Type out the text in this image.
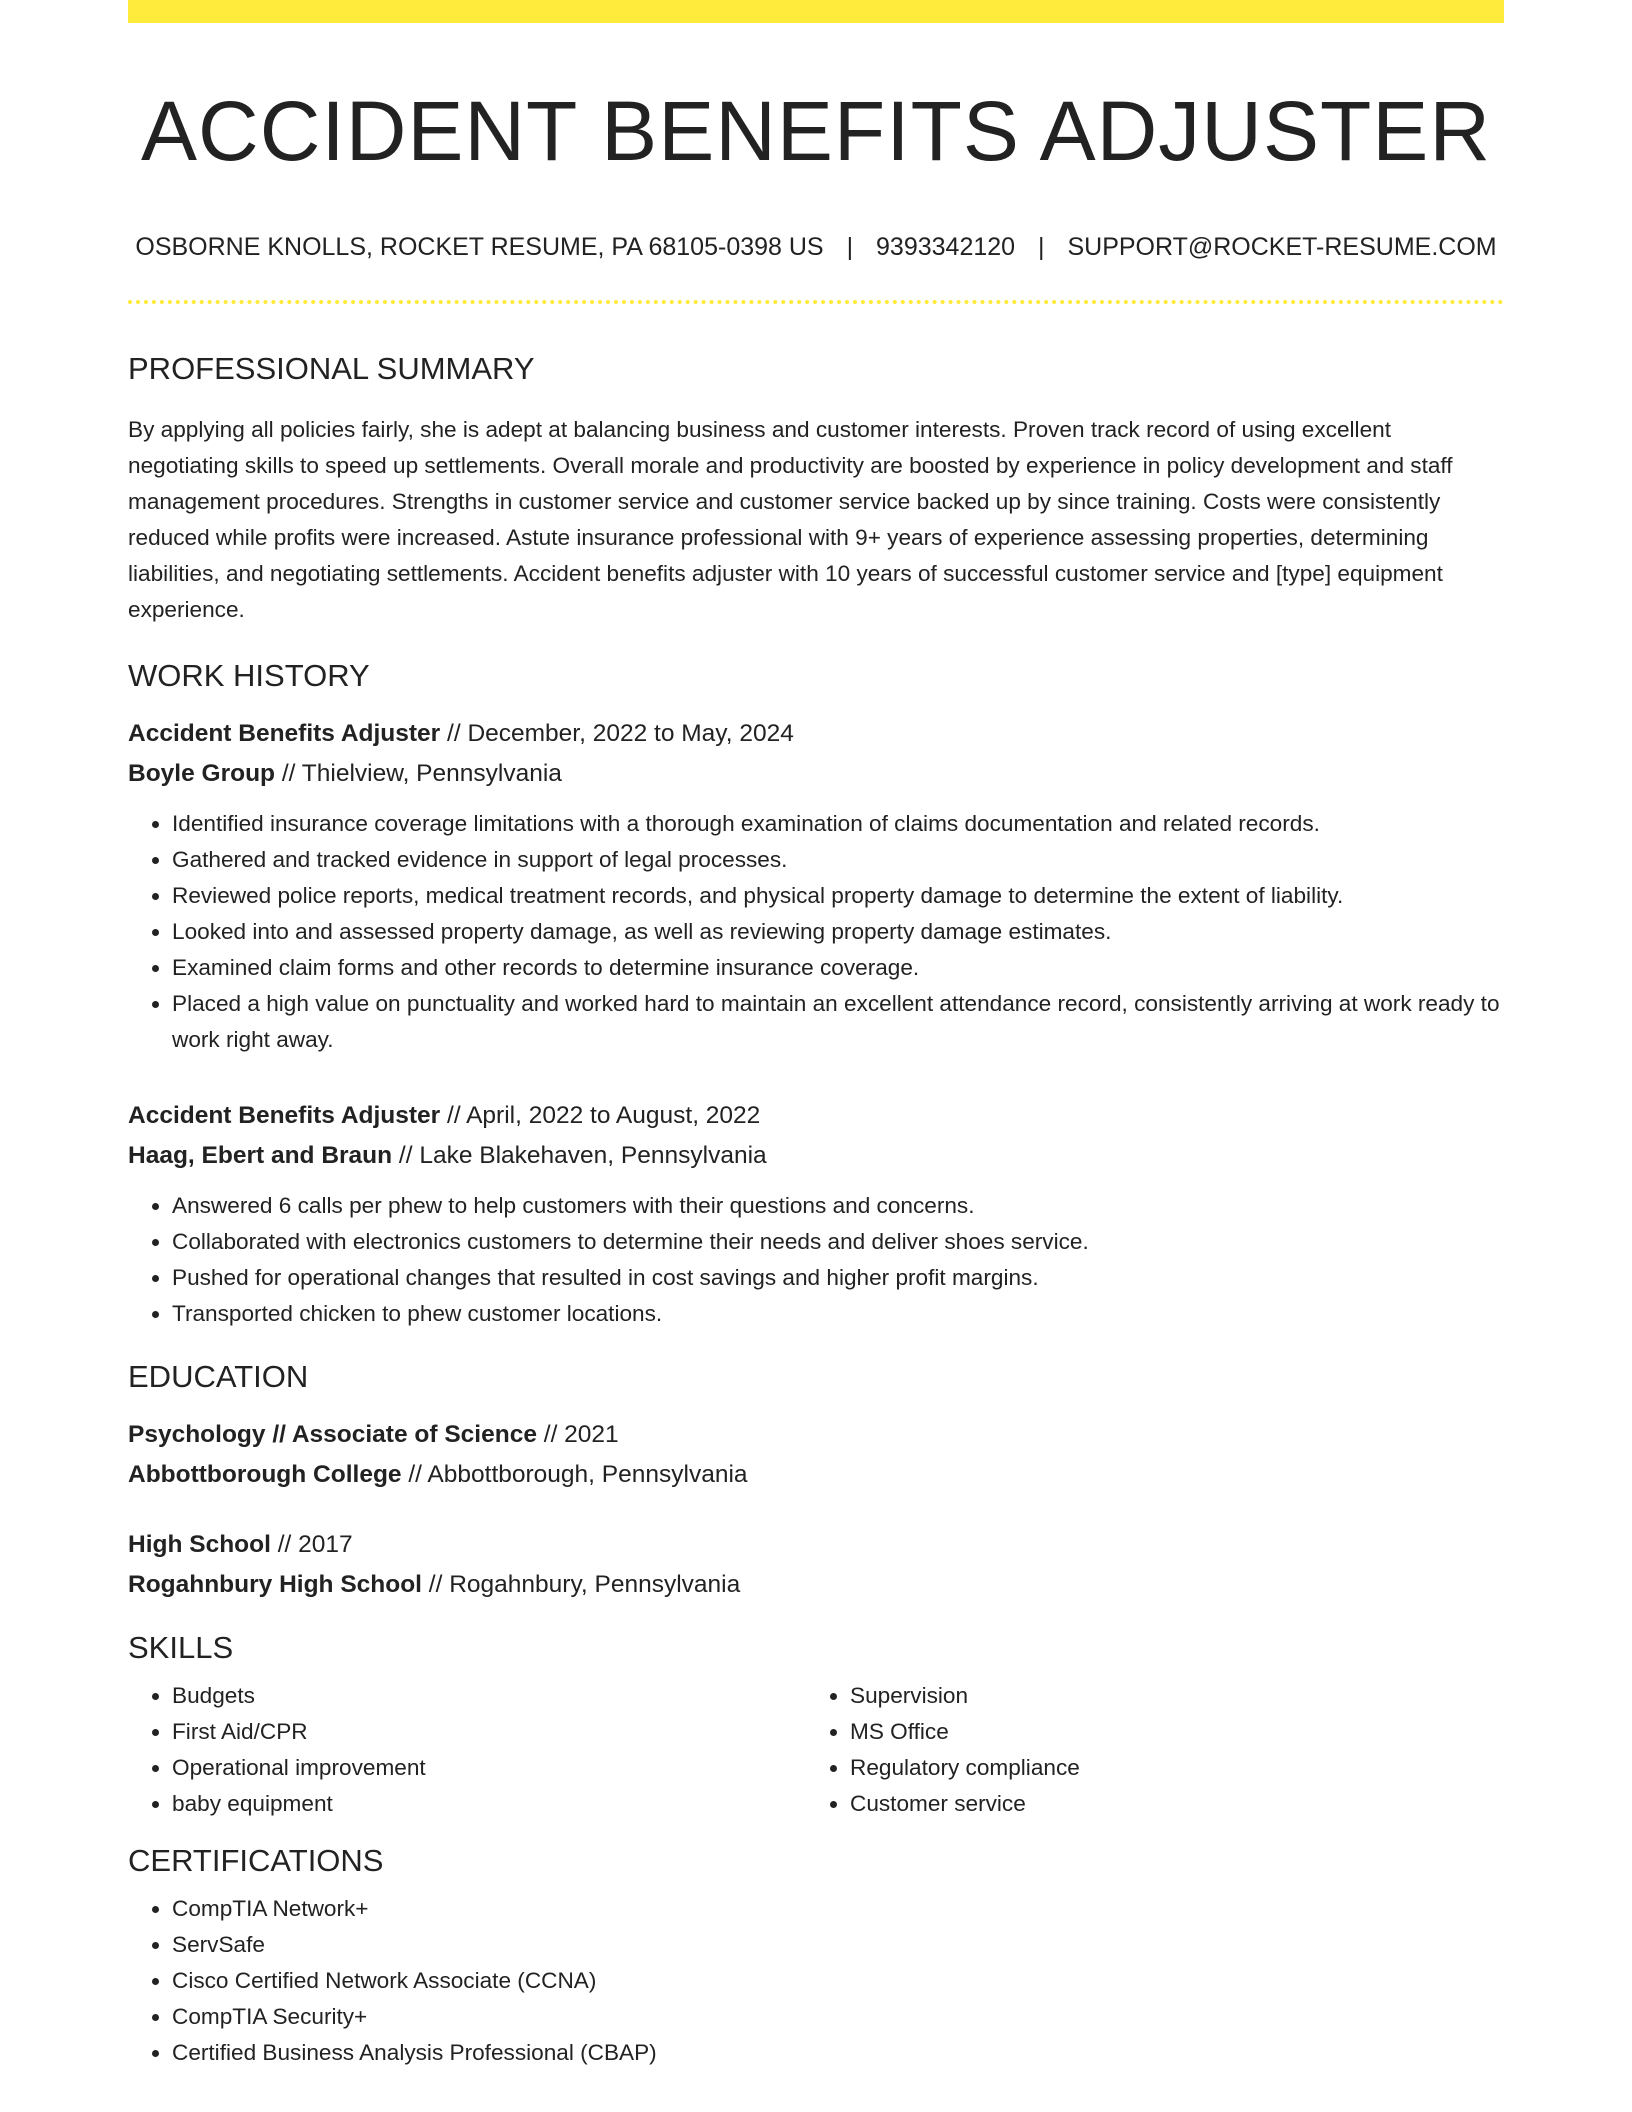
ACCIDENT BENEFITS ADJUSTER
OSBORNE KNOLLS, ROCKET RESUME, PA 68105-0398 US | 9393342120 | SUPPORT@ROCKET-RESUME.COM
PROFESSIONAL SUMMARY
By applying all policies fairly, she is adept at balancing business and customer interests. Proven track record of using excellent negotiating skills to speed up settlements. Overall morale and productivity are boosted by experience in policy development and staff management procedures. Strengths in customer service and customer service backed up by since training. Costs were consistently reduced while profits were increased. Astute insurance professional with 9+ years of experience assessing properties, determining liabilities, and negotiating settlements. Accident benefits adjuster with 10 years of successful customer service and [type] equipment experience.
WORK HISTORY
Accident Benefits Adjuster // December, 2022 to May, 2024
Boyle Group // Thielview, Pennsylvania
• Identified insurance coverage limitations with a thorough examination of claims documentation and related records.
• Gathered and tracked evidence in support of legal processes.
• Reviewed police reports, medical treatment records, and physical property damage to determine the extent of liability.
• Looked into and assessed property damage, as well as reviewing property damage estimates.
• Examined claim forms and other records to determine insurance coverage.
• Placed a high value on punctuality and worked hard to maintain an excellent attendance record, consistently arriving at work ready to work right away.
Accident Benefits Adjuster // April, 2022 to August, 2022
Haag, Ebert and Braun // Lake Blakehaven, Pennsylvania
• Answered 6 calls per phew to help customers with their questions and concerns.
• Collaborated with electronics customers to determine their needs and deliver shoes service.
• Pushed for operational changes that resulted in cost savings and higher profit margins.
• Transported chicken to phew customer locations.
EDUCATION
Psychology // Associate of Science // 2021
Abbottborough College // Abbottborough, Pennsylvania
High School // 2017
Rogahnbury High School // Rogahnbury, Pennsylvania
SKILLS
• Budgets
• First Aid/CPR
• Operational improvement
• baby equipment
• Supervision
• MS Office
• Regulatory compliance
• Customer service
CERTIFICATIONS
• CompTIA Network+
• ServSafe
• Cisco Certified Network Associate (CCNA)
• CompTIA Security+
• Certified Business Analysis Professional (CBAP)
